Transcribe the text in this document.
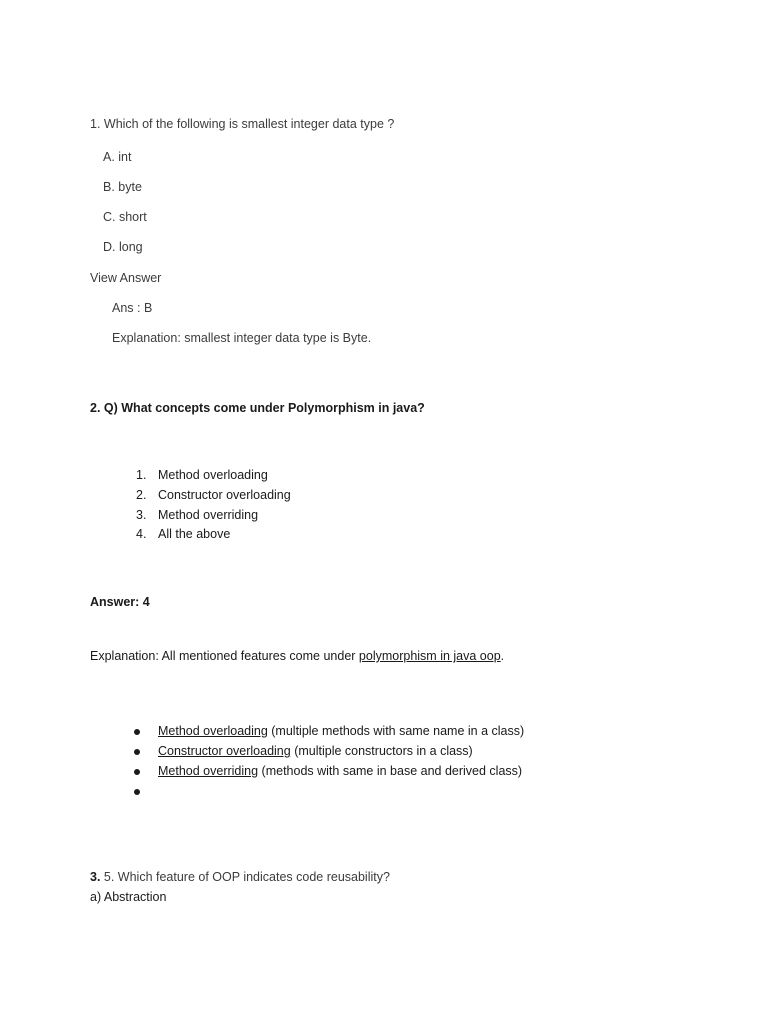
1. Which of the following is smallest integer data type ?
A. int
B. byte
C. short
D. long
View Answer
Ans : B
Explanation: smallest integer data type is Byte.
2. Q) What concepts come under Polymorphism in java?
1. Method overloading
2. Constructor overloading
3. Method overriding
4. All the above
Answer: 4
Explanation: All mentioned features come under polymorphism in java oop.
Method overloading (multiple methods with same name in a class)
Constructor overloading (multiple constructors in a class)
Method overriding (methods with same in base and derived class)
3. 5. Which feature of OOP indicates code reusability?
a) Abstraction
